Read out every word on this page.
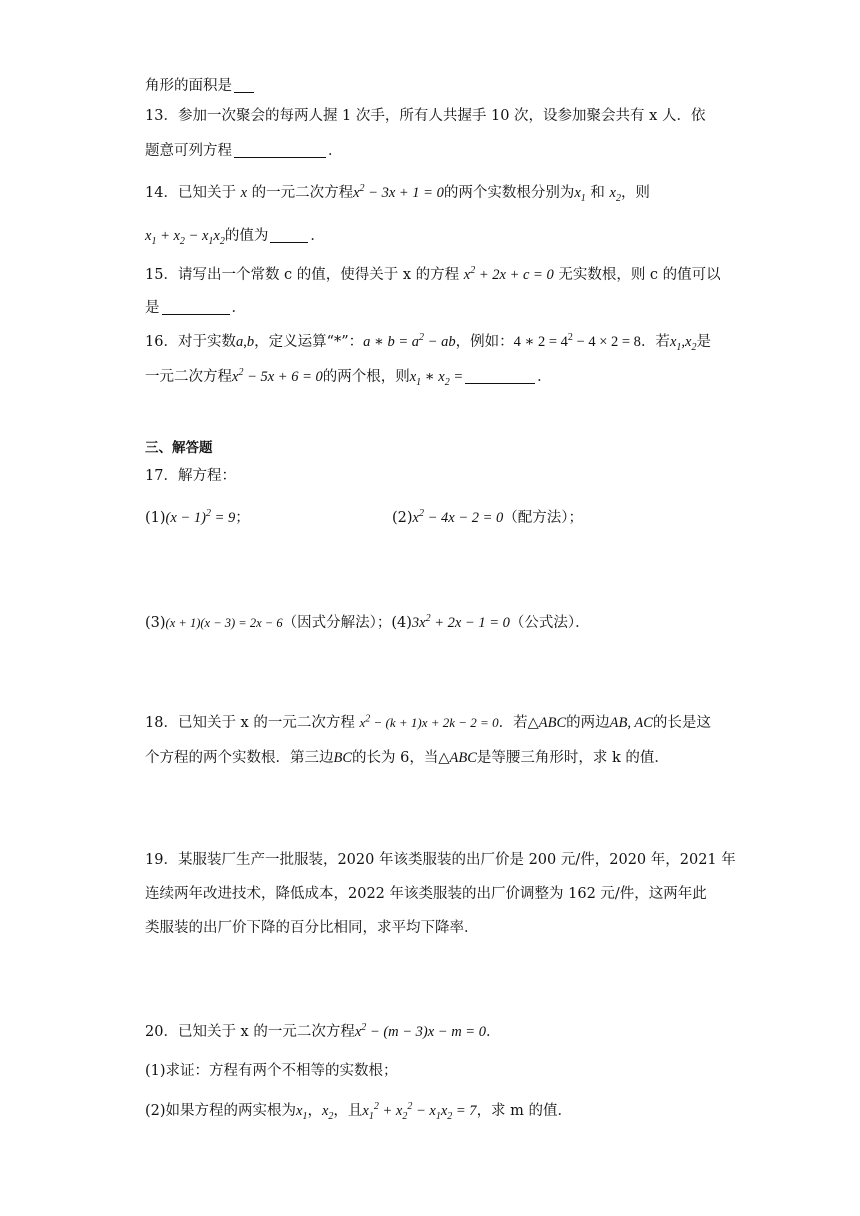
角形的面积是
13．参加一次聚会的每两人握 1 次手，所有人共握手 10 次，设参加聚会共有 x 人．依
题意可列方程	．
14．已知关于 x 的一元二次方程$x^2 - 3x + 1 = 0$的两个实数根分别为$x_1$ 和 $x_2$，则
$x_1 + x_2 - x_1x_2$的值为	．
15．请写出一个常数 c 的值，使得关于 x 的方程 $x^2 + 2x + c = 0$ 无实数根，则 c 的值可以
是	．
16．对于实数a,b，定义运算“*”：a ∗ $b = a^2$ − ab，例如：4 ∗ $2 = 4^2 - 4 \times 2 = 8$．若$x_1,x_2$是
一元二次方程$x^2 - 5x + 6 = 0$的两个根，则$x_1$ ∗ $x_2$ =	．
三、解答题
17．解方程：
$(1)(x - 1)^2 = 9$；	$(2)x^2 - 4x - 2 = 0$（配方法）；
(3)(x + 1)(x − 3) = 2x − 6（因式分解法）；$(4)3x^2 + 2x - 1 = 0$（公式法）．
18．已知关于 x 的一元二次方程 $x^2 - (k + 1)x + 2k - 2 = 0$．若△ABC的两边AB, AC的长是这
个方程的两个实数根．第三边BC的长为 6，当△ABC是等腰三角形时，求 k 的值．
19．某服装厂生产一批服装，2020 年该类服装的出厂价是 200 元/件，2020 年，2021 年
连续两年改进技术，降低成本，2022 年该类服装的出厂价调整为 162 元/件，这两年此
类服装的出厂价下降的百分比相同，求平均下降率．
20．已知关于 x 的一元二次方程$x^2 - (m - 3)x - m = 0$．
(1)求证：方程有两个不相等的实数根；
(2)如果方程的两实根为$x_1$，$x_2$，且$x_1^2 + x_2^2 - x_1x_2 = 7$，求 m 的值．
